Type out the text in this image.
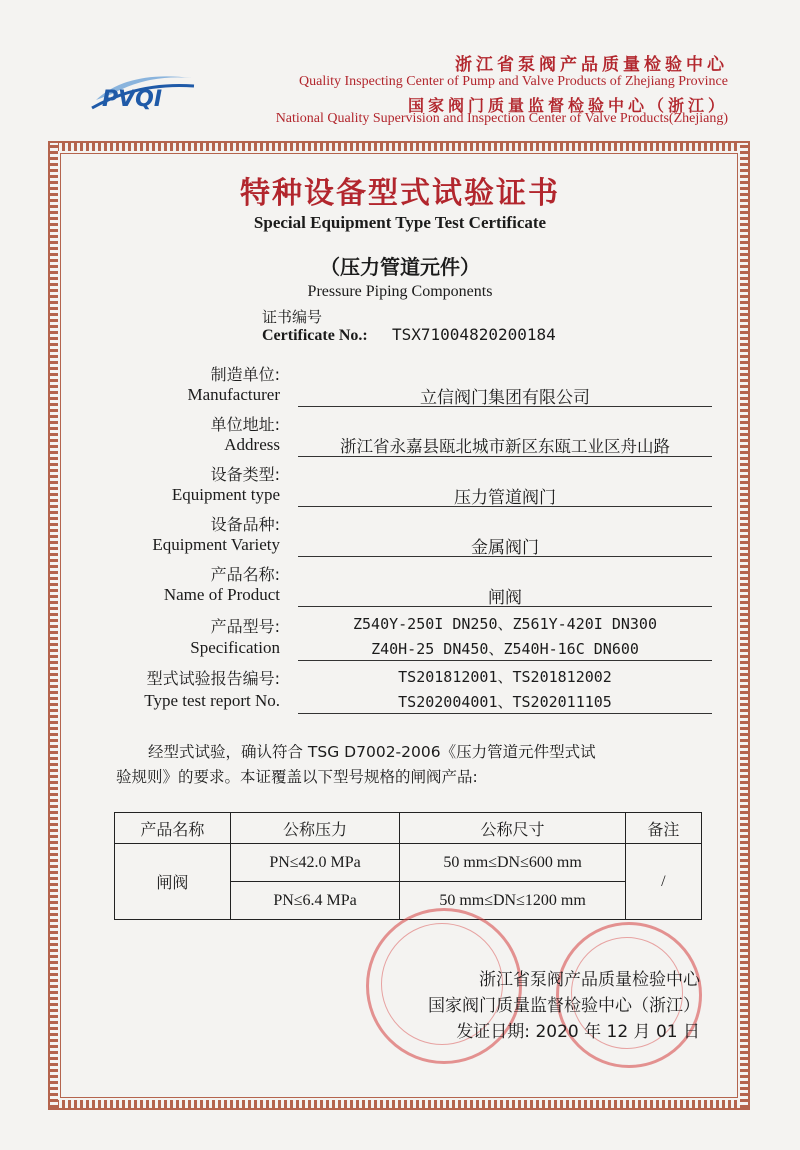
PVQI
浙江省泵阀产品质量检验中心
Quality Inspecting Center of Pump and Valve Products of Zhejiang Province
国家阀门质量监督检验中心（浙江）
National Quality Supervision and Inspection Center of Valve Products(Zhejiang)
特种设备型式试验证书
Special Equipment Type Test Certificate
（压力管道元件）
Pressure Piping Components
证书编号
Certificate No.: TSX71004820200184
制造单位:
Manufacturer	立信阀门集团有限公司
单位地址:
Address	浙江省永嘉县瓯北城市新区东瓯工业区舟山路
设备类型:
Equipment type	压力管道阀门
设备品种:
Equipment Variety	金属阀门
产品名称:
Name of Product	闸阀
产品型号:
Specification
Z540Y-250I DN250、Z561Y-420I DN300
Z40H-25 DN450、Z540H-16C DN600
型式试验报告编号:
Type test report No.
TS201812001、TS201812002
TS202004001、TS202011105
经型式试验，确认符合 TSG D7002-2006《压力管道元件型式试
验规则》的要求。本证覆盖以下型号规格的闸阀产品:
产品名称	公称压力	公称尺寸	备注
闸阀	PN≤42.0 MPa	50 mm≤DN≤600 mm	/
	PN≤6.4 MPa	50 mm≤DN≤1200 mm	
浙江省泵阀产品质量检验中心
国家阀门质量监督检验中心（浙江）
发证日期: 2020 年 12 月 01 日
